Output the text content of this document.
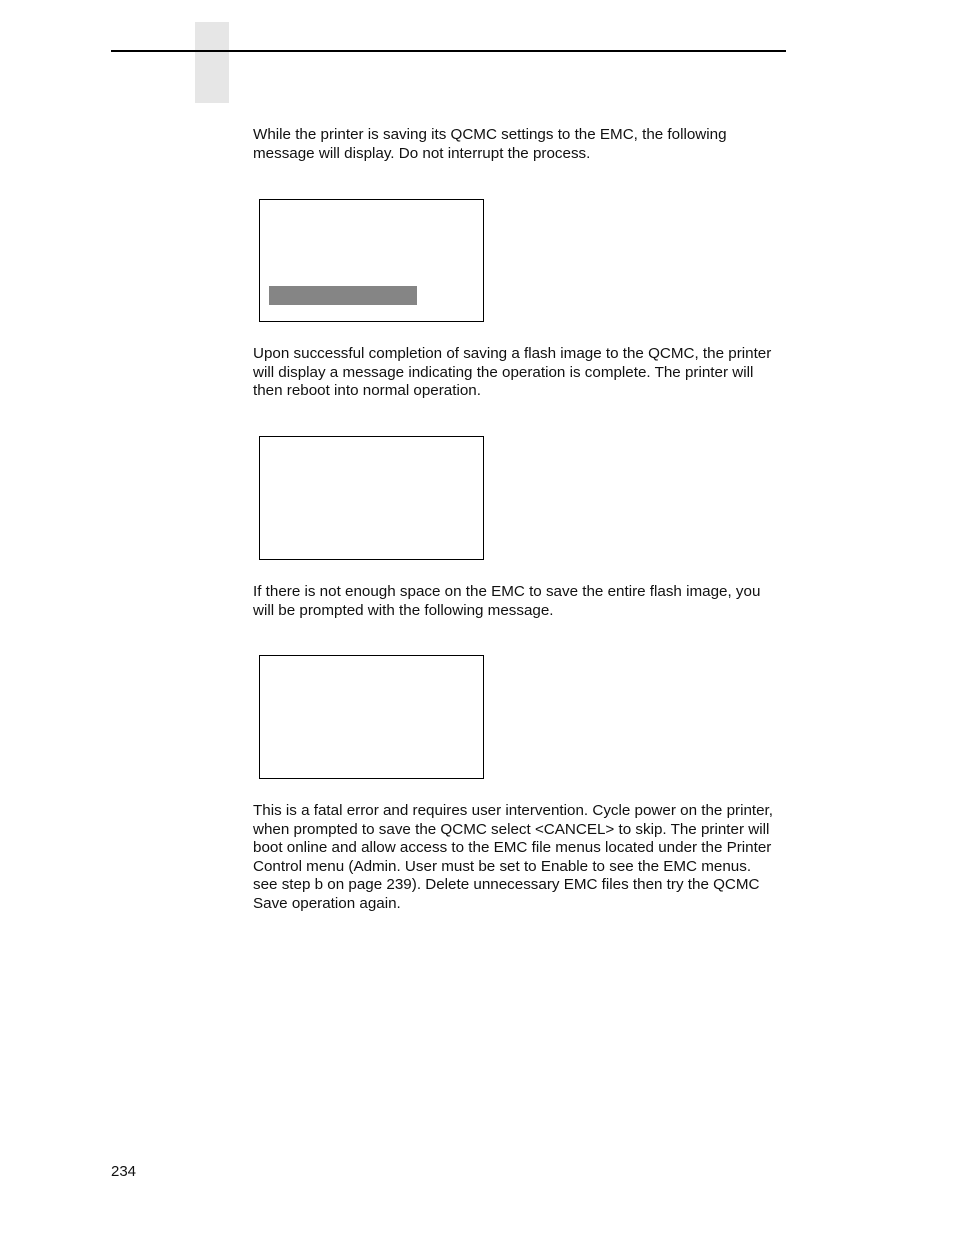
While the printer is saving its QCMC settings to the EMC, the following
message will display. Do not interrupt the process.

Upon successful completion of saving a flash image to the QCMC, the printer
will display a message indicating the operation is complete. The printer will
then reboot into normal operation.

If there is not enough space on the EMC to save the entire flash image, you
will be prompted with the following message.

This is a fatal error and requires user intervention. Cycle power on the printer,
when prompted to save the QCMC select <CANCEL> to skip. The printer will
boot online and allow access to the EMC file menus located under the Printer
Control menu (Admin. User must be set to Enable to see the EMC menus.
see step b on page 239). Delete unnecessary EMC files then try the QCMC
Save operation again.

234
